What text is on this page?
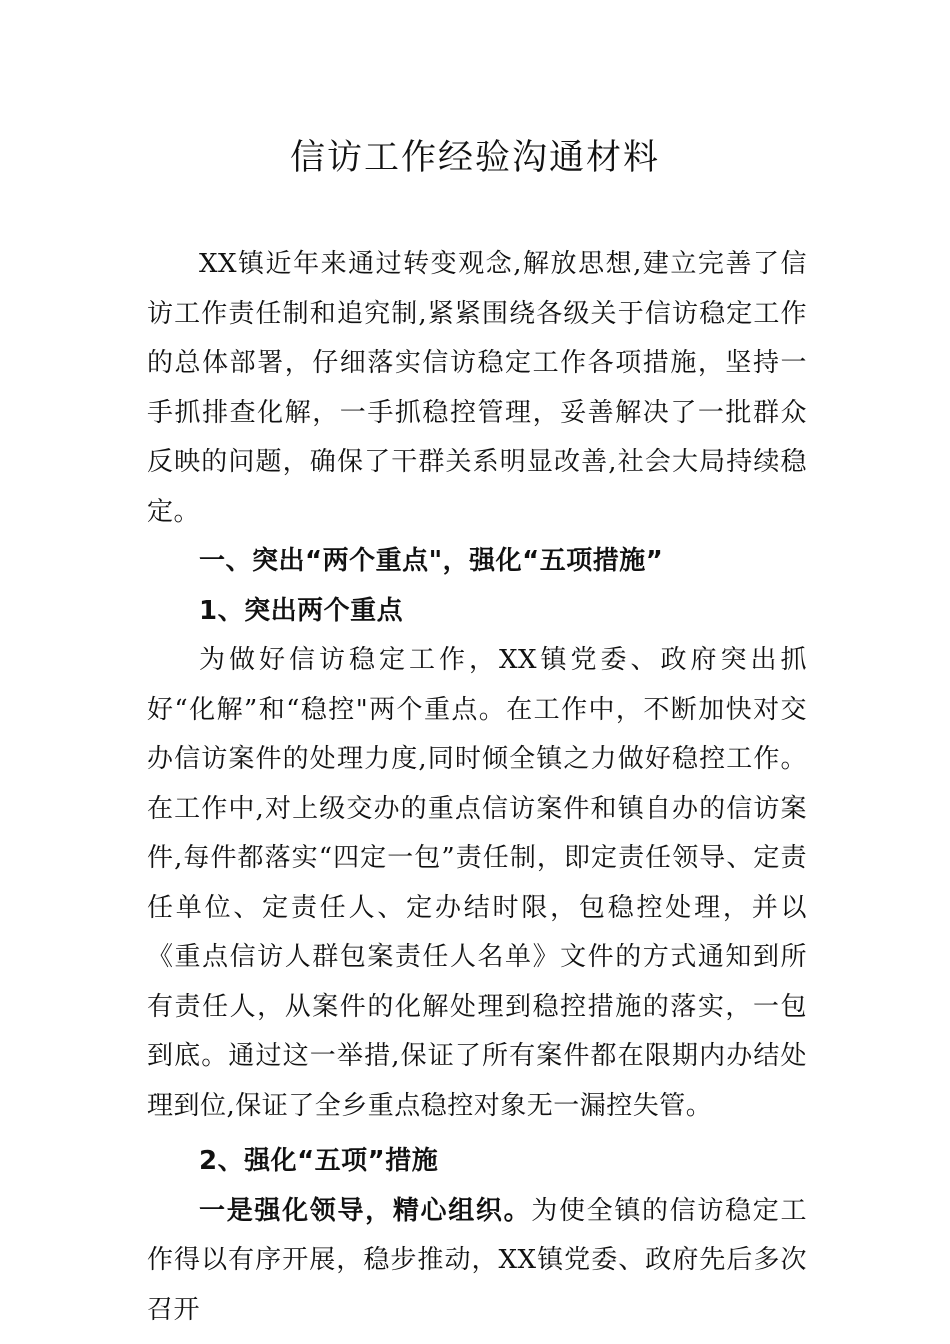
信访工作经验沟通材料

XX镇近年来通过转变观念,解放思想,建立完善了信访工作责任制和追究制,紧紧围绕各级关于信访稳定工作的总体部署，仔细落实信访稳定工作各项措施，坚持一手抓排查化解，一手抓稳控管理，妥善解决了一批群众反映的问题，确保了干群关系明显改善,社会大局持续稳定。

一、突出“两个重点"，强化“五项措施”
1、突出两个重点

为做好信访稳定工作，XX镇党委、政府突出抓好“化解”和“稳控"两个重点。在工作中，不断加快对交办信访案件的处理力度,同时倾全镇之力做好稳控工作。在工作中,对上级交办的重点信访案件和镇自办的信访案件,每件都落实“四定一包”责任制，即定责任领导、定责任单位、定责任人、定办结时限，包稳控处理，并以《重点信访人群包案责任人名单》文件的方式通知到所有责任人，从案件的化解处理到稳控措施的落实，一包到底。通过这一举措,保证了所有案件都在限期内办结处理到位,保证了全乡重点稳控对象无一漏控失管。

2、强化“五项”措施

一是强化领导，精心组织。为使全镇的信访稳定工作得以有序开展，稳步推动，XX镇党委、政府先后多次召开
